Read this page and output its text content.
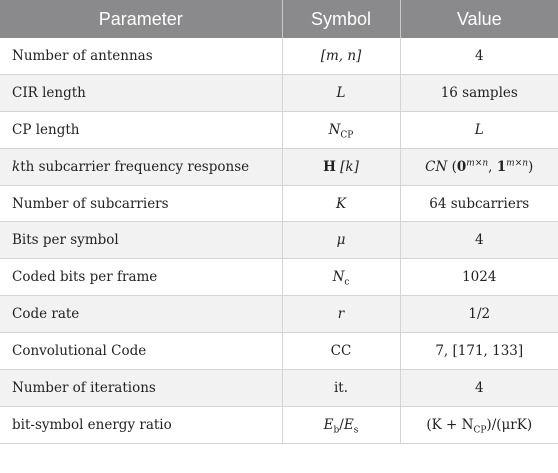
Parameter	Symbol	Value
Number of antennas	[m, n]	4
CIR length	L	16 samples
CP length	$N_{CP}$	L
kth subcarrier frequency response	H [k]	CN ($0^{m\times n}$, $1^{m\times n}$)
Number of subcarriers	K	64 subcarriers
Bits per symbol	μ	4
Coded bits per frame	$N_c$	1024
Code rate	r	1/2
Convolutional Code	CC	7, [171, 133]
Number of iterations	it.	4
bit-symbol energy ratio	$E_b/E_s$	$(K + N_{CP})/(\mu rK)$
